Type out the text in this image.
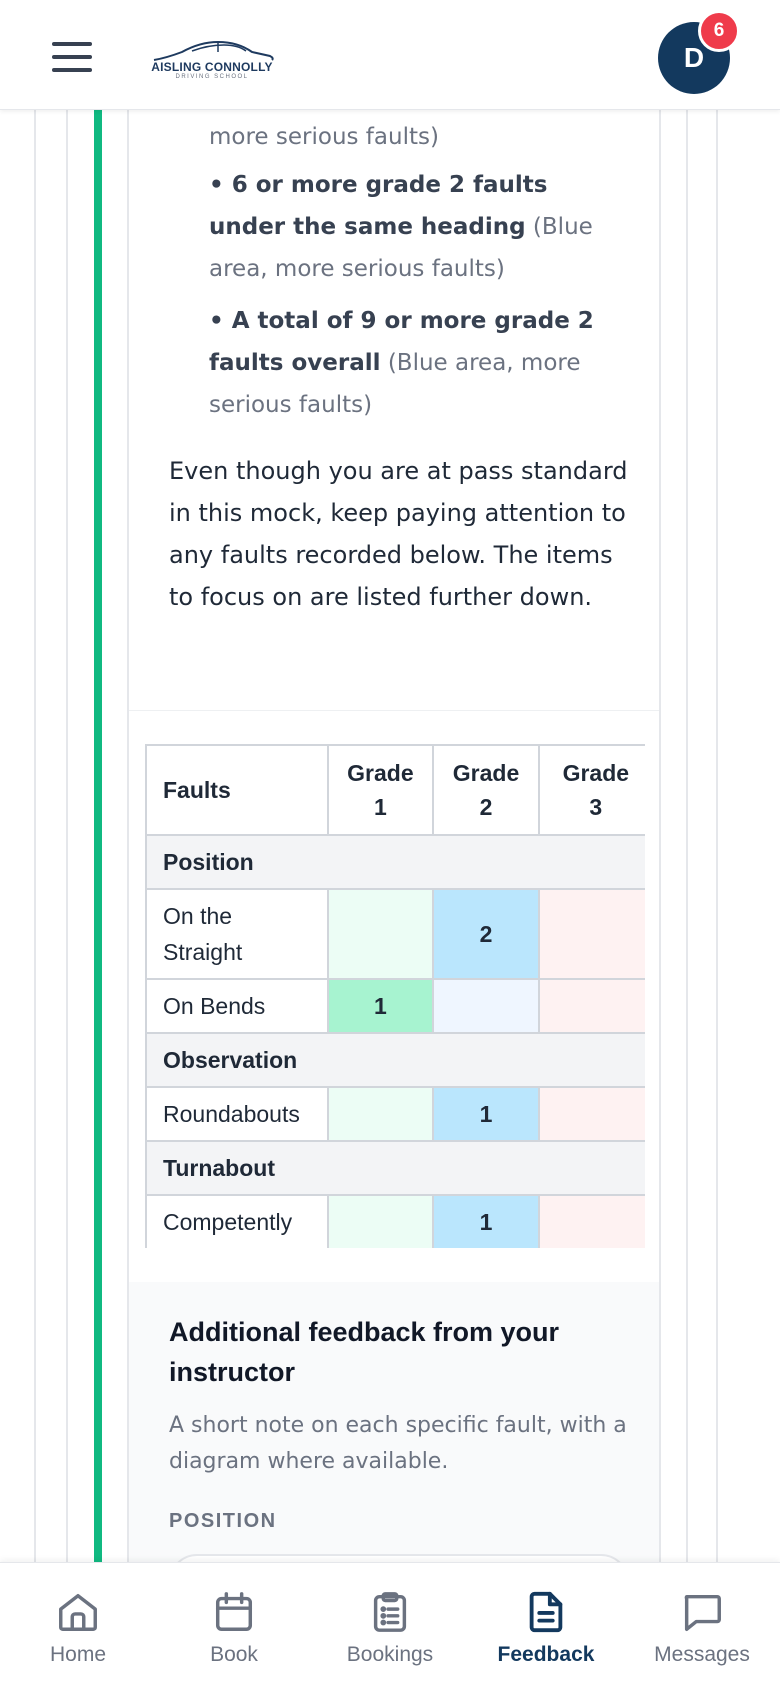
AISLING CONNOLLY
DRIVING SCHOOL
D
6
more serious faults)
• 6 or more grade 2 faults under the same heading (Blue area, more serious faults)
• A total of 9 or more grade 2 faults overall (Blue area, more serious faults)
Even though you are at pass standard in this mock, keep paying attention to any faults recorded below. The items to focus on are listed further down.
Faults	Grade 1	Grade 2	Grade 3
Position			
On the Straight		2	
On Bends	1		
Observation			
Roundabouts		1	
Turnabout			
Competently		1	
Additional feedback from your instructor
A short note on each specific fault, with a diagram where available.
POSITION
Home	Book	Bookings	Feedback	Messages
